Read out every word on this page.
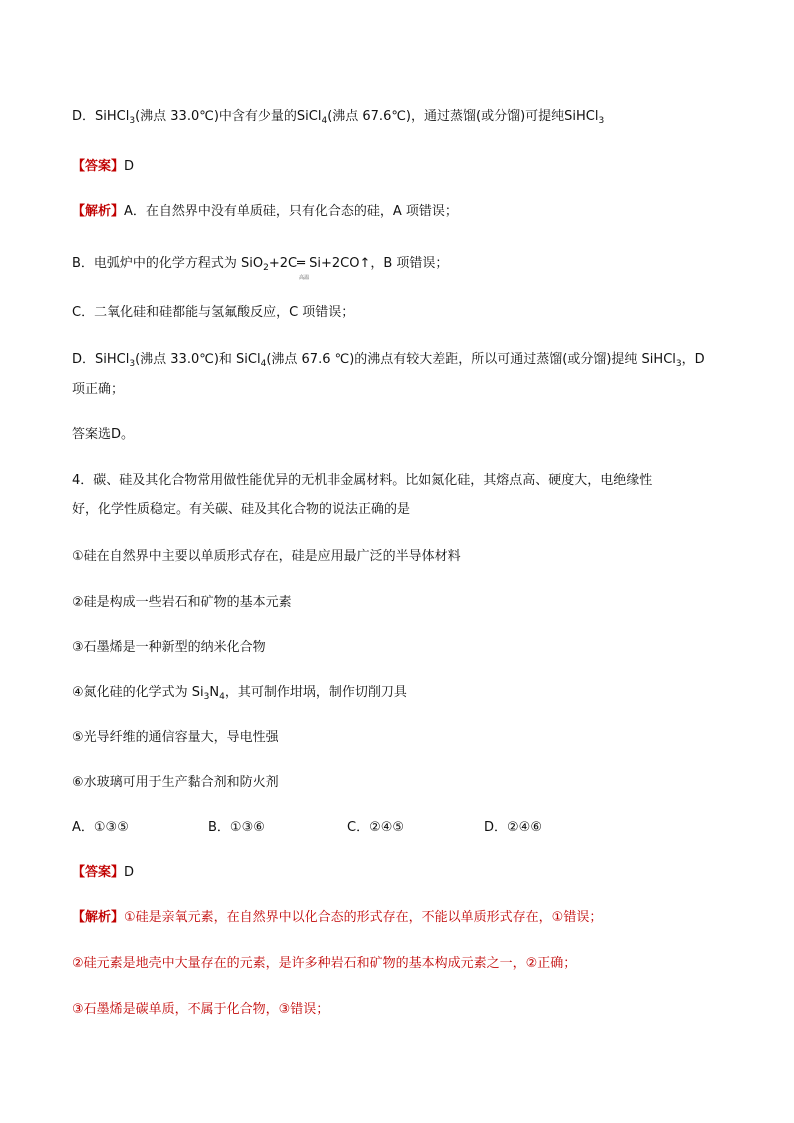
D．SiHCl$_3$(沸点 33.0℃)中含有少量的SiCl$_4$(沸点 67.6℃)，通过蒸馏(或分馏)可提纯SiHCl$_3$
【答案】D
【解析】A．在自然界中没有单质硅，只有化合态的硅，A 项错误；
B．电弧炉中的化学方程式为 SiO$_2$+2C═
高温
Si+2CO↑，B 项错误；
C．二氧化硅和硅都能与氢氟酸反应，C 项错误；
D．SiHCl$_3$(沸点 33.0℃)和 SiCl$_4$(沸点 67.6 ℃)的沸点有较大差距，所以可通过蒸馏(或分馏)提纯 SiHCl$_3$，D
项正确；
答案选D。
4．碳、硅及其化合物常用做性能优异的无机非金属材料。比如氮化硅，其熔点高、硬度大，电绝缘性
好，化学性质稳定。有关碳、硅及其化合物的说法正确的是
①硅在自然界中主要以单质形式存在，硅是应用最广泛的半导体材料
②硅是构成一些岩石和矿物的基本元素
③石墨烯是一种新型的纳米化合物
④氮化硅的化学式为 $Si_3N_4$，其可制作坩埚，制作切削刀具
⑤光导纤维的通信容量大，导电性强
⑥水玻璃可用于生产黏合剂和防火剂
A．①③⑤	B．①③⑥	C．②④⑤	D．②④⑥
【答案】D
【解析】①硅是亲氧元素，在自然界中以化合态的形式存在，不能以单质形式存在，①错误；
②硅元素是地壳中大量存在的元素，是许多种岩石和矿物的基本构成元素之一，②正确；
③石墨烯是碳单质，不属于化合物，③错误；
